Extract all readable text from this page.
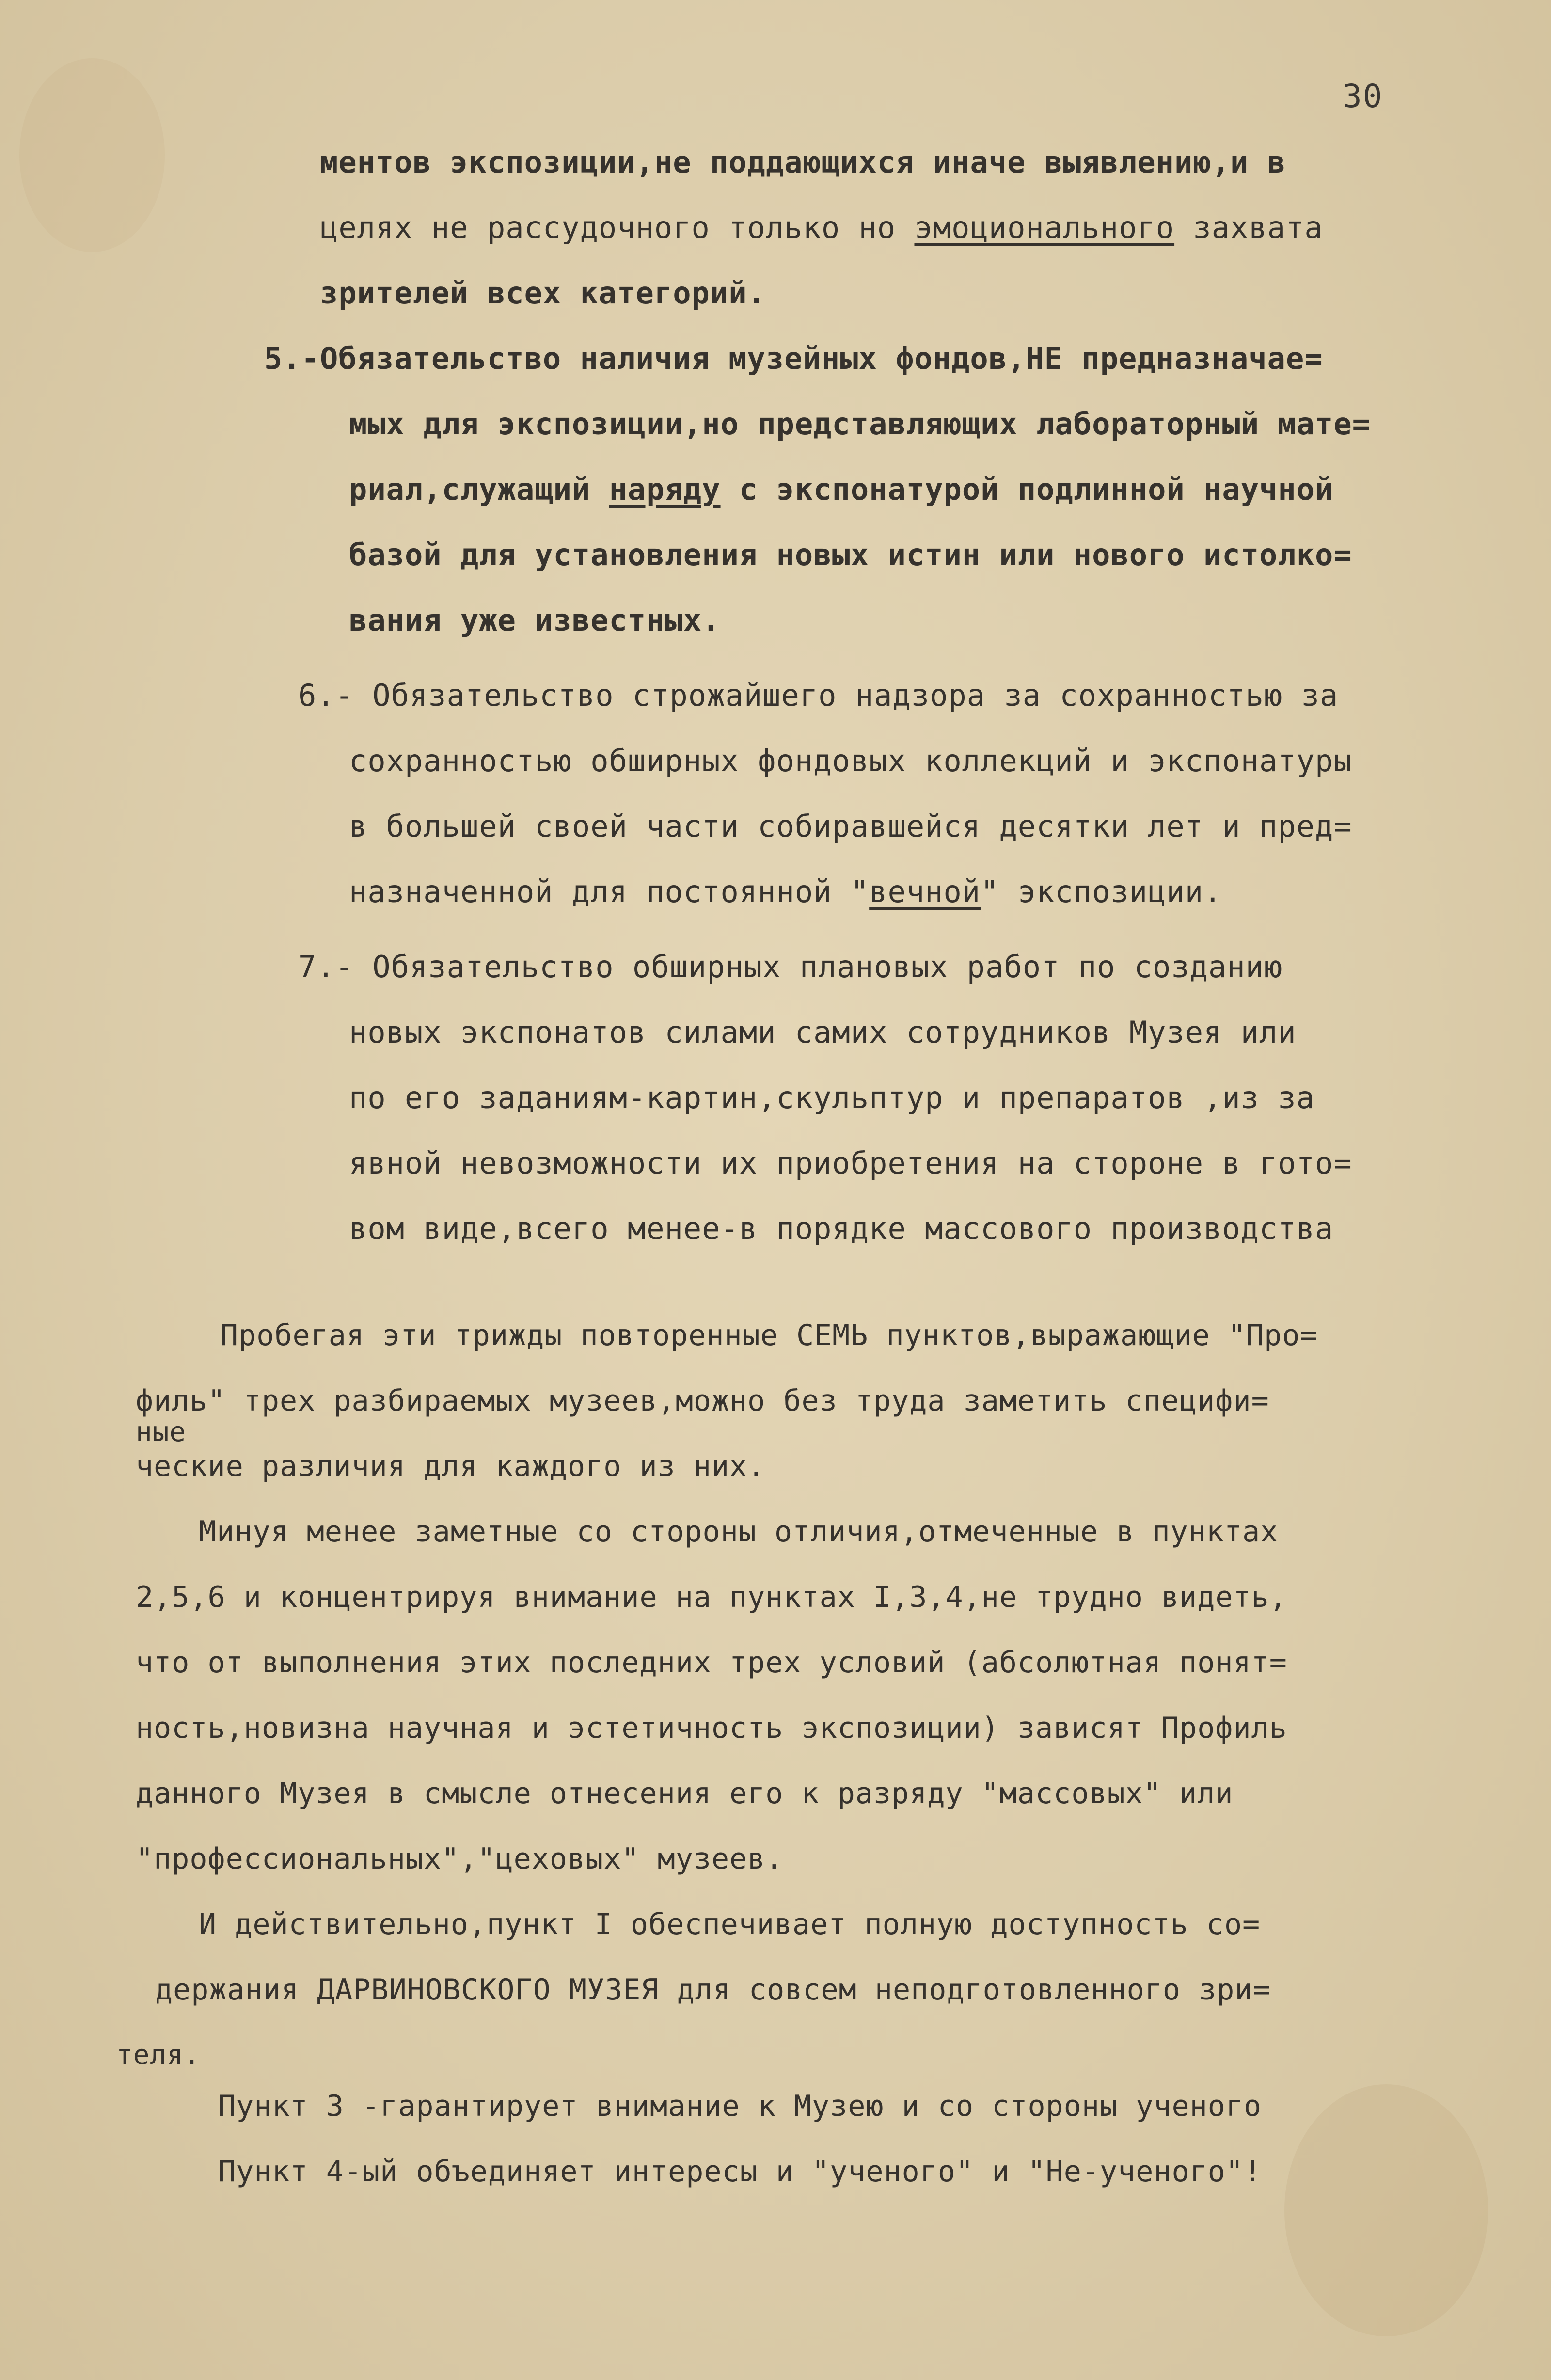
30
ментов экспозиции,не поддающихся иначе выявлению,и в
целях не рассудочного только но эмоционального захвата
зрителей всех категорий.
5.-Обязательство наличия музейных фондов,НЕ предназначае=
мых для экспозиции,но представляющих лабораторный мате=
риал,служащий наряду с экспонатурой подлинной научной
базой для установления новых истин или нового истолко=
вания уже известных.
6.- Обязательство строжайшего надзора за сохранностью за
сохранностью обширных фондовых коллекций и экспонатуры
в большей своей части собиравшейся десятки лет и пред=
назначенной для постоянной "вечной" экспозиции.
7.- Обязательство обширных плановых работ по созданию
новых экспонатов силами самих сотрудников Музея или
по его заданиям-картин,скульптур и препаратов ,из за
явной невозможности их приобретения на стороне в гото=
вом виде,всего менее-в порядке массового производства
Пробегая эти трижды повторенные СЕМЬ пунктов,выражающие "Про=
филь" трех разбираемых музеев,можно без труда заметить специфи=
ные
ческие различия для каждого из них.
Минуя менее заметные со стороны отличия,отмеченные в пунктах
2,5,6 и концентрируя внимание на пунктах I,3,4,не трудно видеть,
что от выполнения этих последних трех условий (абсолютная понят=
ность,новизна научная и эстетичность экспозиции) зависят Профиль
данного Музея в смысле отнесения его к разряду "массовых" или
"профессиональных","цеховых" музеев.
И действительно,пункт I обеспечивает полную доступность со=
держания ДАРВИНОВСКОГО МУЗЕЯ для совсем неподготовленного зри=
теля.
Пункт 3 -гарантирует внимание к Музею и со стороны ученого
Пункт 4-ый объединяет интересы и "ученого" и "Не-ученого"!
